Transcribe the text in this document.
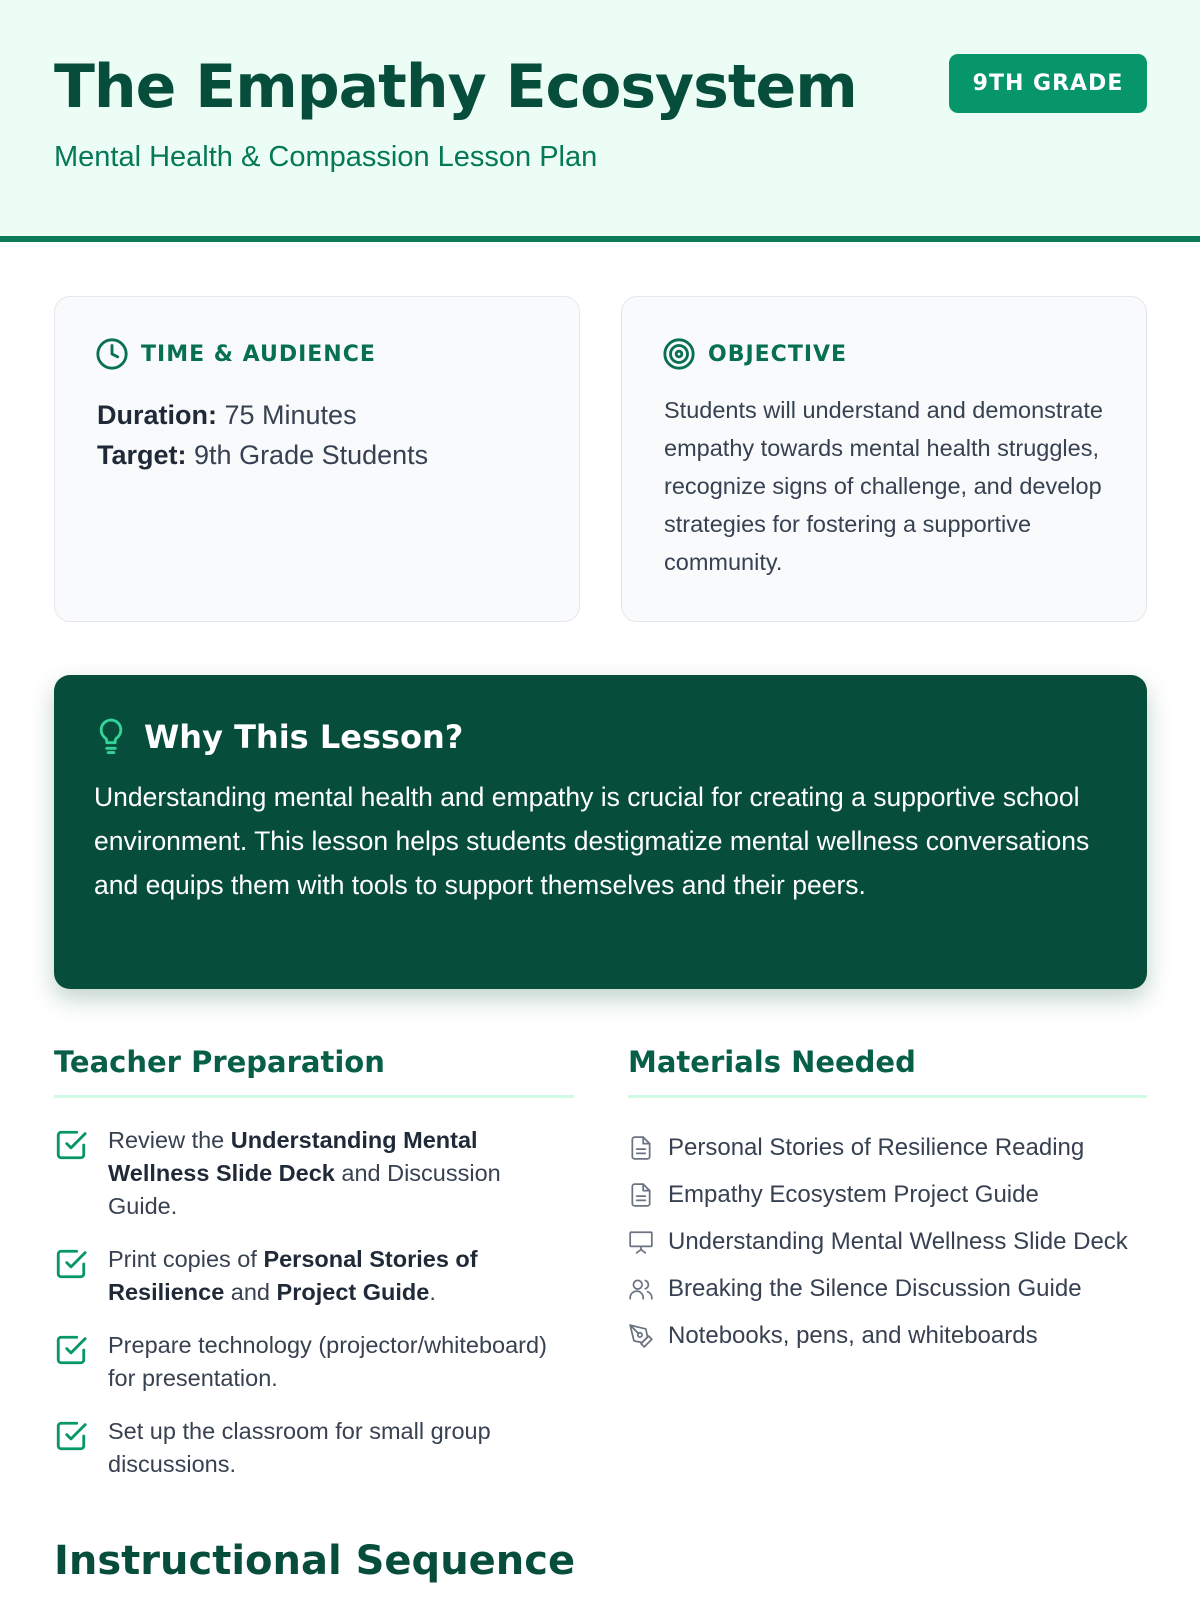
The Empathy Ecosystem
Mental Health & Compassion Lesson Plan
9TH GRADE
TIME & AUDIENCE
Duration: 75 Minutes
Target: 9th Grade Students
OBJECTIVE
Students will understand and demonstrate empathy towards mental health struggles, recognize signs of challenge, and develop strategies for fostering a supportive community.
Why This Lesson?
Understanding mental health and empathy is crucial for creating a supportive school environment. This lesson helps students destigmatize mental wellness conversations and equips them with tools to support themselves and their peers.
Teacher Preparation
Review the Understanding Mental Wellness Slide Deck and Discussion Guide.
Print copies of Personal Stories of Resilience and Project Guide.
Prepare technology (projector/whiteboard) for presentation.
Set up the classroom for small group discussions.
Materials Needed
Personal Stories of Resilience Reading
Empathy Ecosystem Project Guide
Understanding Mental Wellness Slide Deck
Breaking the Silence Discussion Guide
Notebooks, pens, and whiteboards
Instructional Sequence
